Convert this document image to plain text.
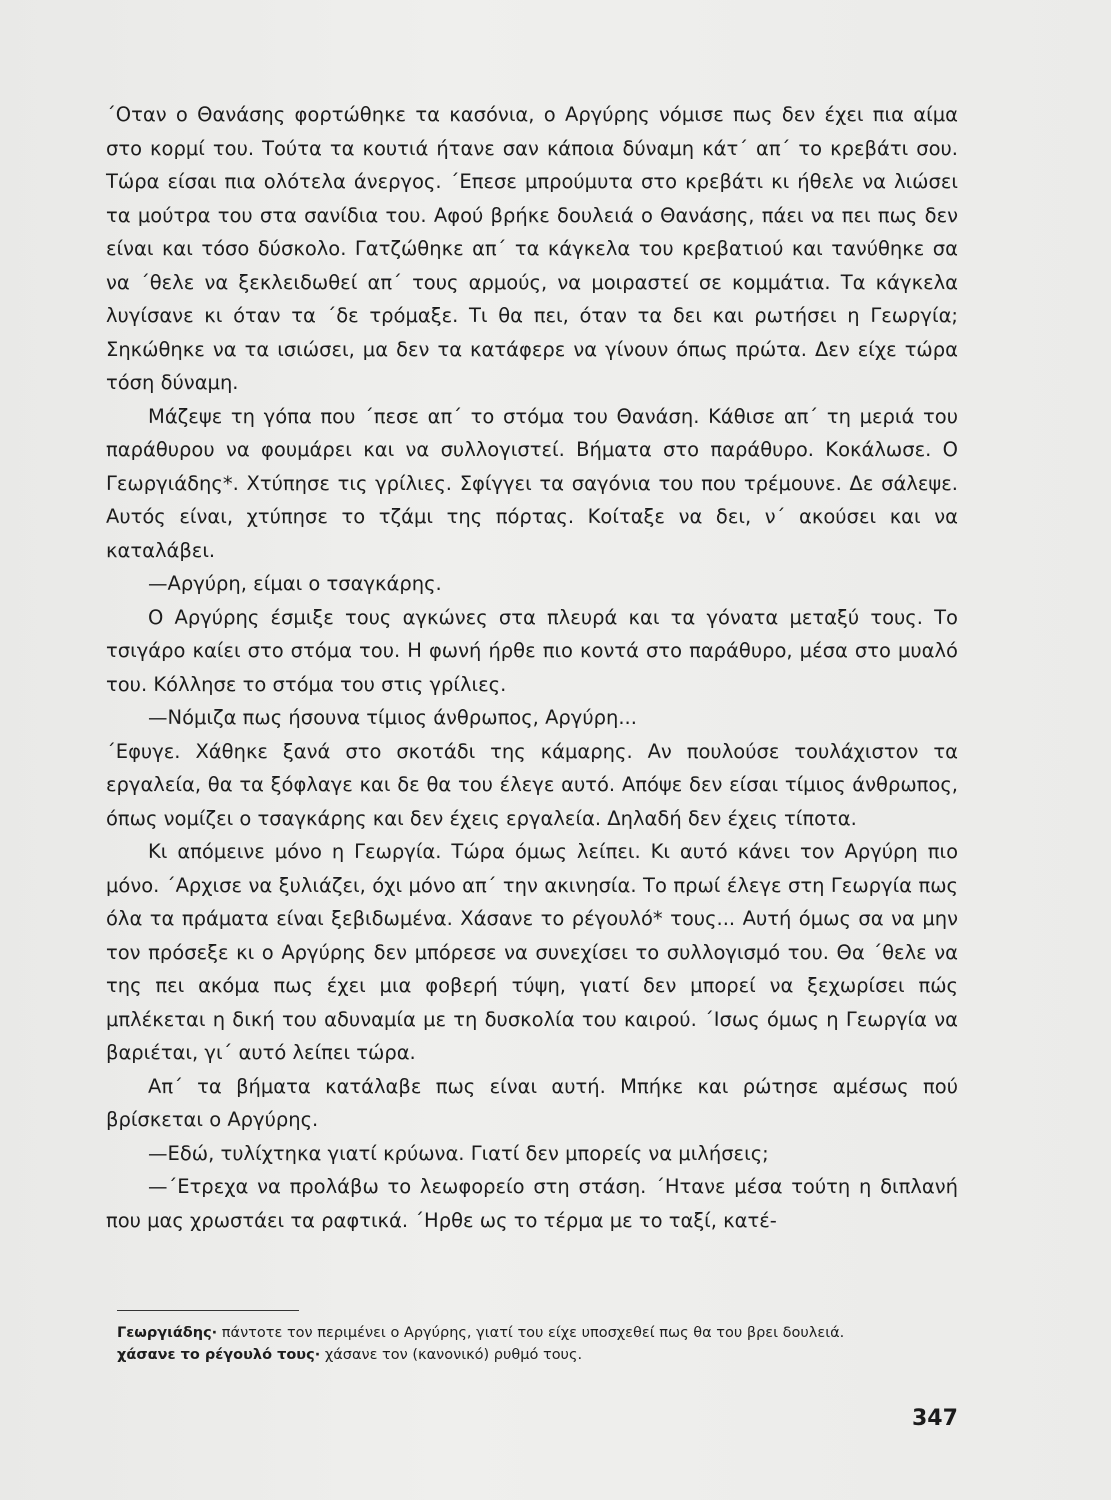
΄Οταν ο Θανάσης φορτώθηκε τα κασόνια, ο Αργύρης νόμισε πως δεν έχει πια αίμα στο κορμί του. Τούτα τα κουτιά ήτανε σαν κάποια δύναμη κάτ΄ απ΄ το κρεβάτι σου. Τώρα είσαι πια ολότελα άνεργος. ΄Επεσε μπρούμυτα στο κρεβάτι κι ήθελε να λιώσει τα μούτρα του στα σανίδια του. Αφού βρήκε δουλειά ο Θανάσης, πάει να πει πως δεν είναι και τόσο δύσκολο. Γατζώθηκε απ΄ τα κάγκελα του κρεβατιού και τανύθηκε σα να ΄θελε να ξεκλειδωθεί απ΄ τους αρμούς, να μοιραστεί σε κομμάτια. Τα κάγκελα λυγίσανε κι όταν τα ΄δε τρόμαξε. Τι θα πει, όταν τα δει και ρωτήσει η Γεωργία; Σηκώθηκε να τα ισιώσει, μα δεν τα κατάφερε να γίνουν όπως πρώτα. Δεν είχε τώρα τόση δύναμη.

Μάζεψε τη γόπα που ΄πεσε απ΄ το στόμα του Θανάση. Κάθισε απ΄ τη μεριά του παράθυρου να φουμάρει και να συλλογιστεί. Βήματα στο παράθυρο. Κοκάλωσε. Ο Γεωργιάδης*. Χτύπησε τις γρίλιες. Σφίγγει τα σαγόνια του που τρέμουνε. Δε σάλεψε. Αυτός είναι, χτύπησε το τζάμι της πόρτας. Κοίταξε να δει, ν΄ ακούσει και να καταλάβει.

—Αργύρη, είμαι ο τσαγκάρης.

Ο Αργύρης έσμιξε τους αγκώνες στα πλευρά και τα γόνατα μεταξύ τους. Το τσιγάρο καίει στο στόμα του. Η φωνή ήρθε πιο κοντά στο παράθυρο, μέσα στο μυαλό του. Κόλλησε το στόμα του στις γρίλιες.

—Νόμιζα πως ήσουνα τίμιος άνθρωπος, Αργύρη...

΄Εφυγε. Χάθηκε ξανά στο σκοτάδι της κάμαρης. Αν πουλούσε τουλάχιστον τα εργαλεία, θα τα ξόφλαγε και δε θα του έλεγε αυτό. Απόψε δεν είσαι τίμιος άνθρωπος, όπως νομίζει ο τσαγκάρης και δεν έχεις εργαλεία. Δηλαδή δεν έχεις τίποτα.

Κι απόμεινε μόνο η Γεωργία. Τώρα όμως λείπει. Κι αυτό κάνει τον Αργύρη πιο μόνο. ΄Αρχισε να ξυλιάζει, όχι μόνο απ΄ την ακινησία. Το πρωί έλεγε στη Γεωργία πως όλα τα πράματα είναι ξεβιδωμένα. Χάσανε το ρέγουλό* τους... Αυτή όμως σα να μην τον πρόσεξε κι ο Αργύρης δεν μπόρεσε να συνεχίσει το συλλογισμό του. Θα ΄θελε να της πει ακόμα πως έχει μια φοβερή τύψη, γιατί δεν μπορεί να ξεχωρίσει πώς μπλέκεται η δική του αδυναμία με τη δυσκολία του καιρού. ΄Ισως όμως η Γεωργία να βαριέται, γι΄ αυτό λείπει τώρα.

Απ΄ τα βήματα κατάλαβε πως είναι αυτή. Μπήκε και ρώτησε αμέσως πού βρίσκεται ο Αργύρης.

—Εδώ, τυλίχτηκα γιατί κρύωνα. Γιατί δεν μπορείς να μιλήσεις;

—΄Ετρεχα να προλάβω το λεωφορείο στη στάση. ΄Ητανε μέσα τούτη η διπλανή που μας χρωστάει τα ραφτικά. ΄Ηρθε ως το τέρμα με το ταξί, κατέ-

Γεωργιάδης· πάντοτε τον περιμένει ο Αργύρης, γιατί του είχε υποσχεθεί πως θα του βρει δουλειά.

χάσανε το ρέγουλό τους· χάσανε τον (κανονικό) ρυθμό τους.

347
